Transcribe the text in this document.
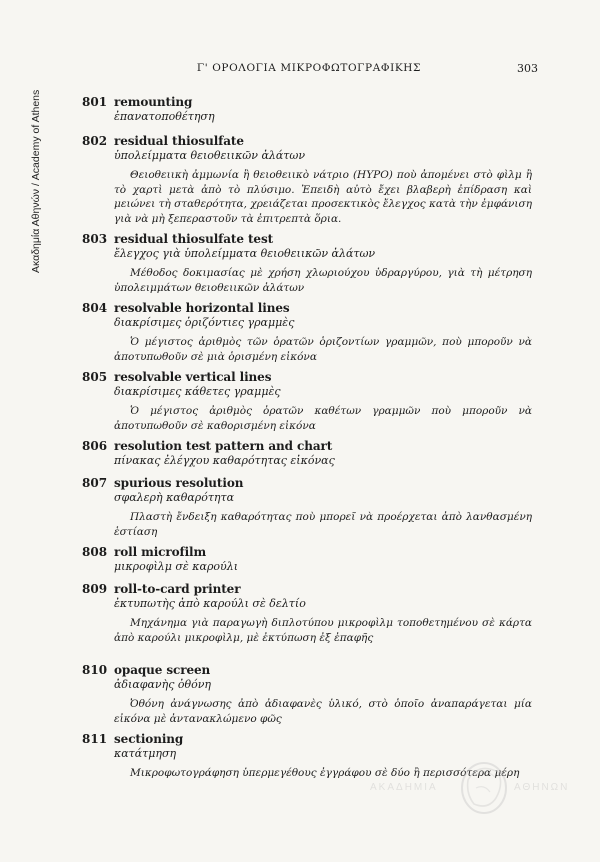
Ακαδημία Αθηνών / Academy of Athens
Γ' ΟΡΟΛΟΓΙΑ ΜΙΚΡΟΦΩΤΟΓΡΑΦΙΚΗΣ	303
801 remounting
ἐπανατοποθέτηση
802 residual thiosulfate
ὑπολείμματα θειοθειικῶν ἁλάτων
Θειοθειικὴ ἀμμωνία ἢ θειοθειικὸ νάτριο (ΗΥΡΟ) ποὺ ἀπομένει στὸ φὶλμ ἢ τὸ χαρτὶ μετὰ ἀπὸ τὸ πλύσιμο. Ἐπειδὴ αὐτὸ ἔχει βλαβερὴ ἐπίδραση καὶ μειώνει τὴ σταθερότητα, χρειάζεται προσεκτικὸς ἔλεγχος κατὰ τὴν ἐμφάνιση γιὰ νὰ μὴ ξεπεραστοῦν τὰ ἐπιτρεπτὰ ὅρια.
803 residual thiosulfate test
ἔλεγχος γιὰ ὑπολείμματα θειοθειικῶν ἁλάτων
Μέθοδος δοκιμασίας μὲ χρήση χλωριούχου ὑδραργύρου, γιὰ τὴ μέτρηση ὑπολειμμάτων θειοθειικῶν ἁλάτων
804 resolvable horizontal lines
διακρίσιμες ὁριζόντιες γραμμὲς
Ὁ μέγιστος ἀριθμὸς τῶν ὁρατῶν ὁριζοντίων γραμμῶν, ποὺ μποροῦν νὰ ἀποτυπωθοῦν σὲ μιὰ ὁρισμένη εἰκόνα
805 resolvable vertical lines
διακρίσιμες κάθετες γραμμὲς
Ὁ μέγιστος ἀριθμὸς ὁρατῶν καθέτων γραμμῶν ποὺ μποροῦν νὰ ἀποτυπωθοῦν σὲ καθορισμένη εἰκόνα
806 resolution test pattern and chart
πίνακας ἐλέγχου καθαρότητας εἰκόνας
807 spurious resolution
σφαλερὴ καθαρότητα
Πλαστὴ ἔνδειξη καθαρότητας ποὺ μπορεῖ νὰ προέρχεται ἀπὸ λανθασμένη ἑστίαση
808 roll microfilm
μικροφὶλμ σὲ καρούλι
809 roll-to-card printer
ἐκτυπωτὴς ἀπὸ καρούλι σὲ δελτίο
Μηχάνημα γιὰ παραγωγὴ διπλοτύπου μικροφὶλμ τοποθετημένου σὲ κάρτα ἀπὸ καρούλι μικροφὶλμ, μὲ ἐκτύπωση ἐξ ἐπαφῆς
810 opaque screen
ἀδιαφανὴς ὀθόνη
Ὀθόνη ἀνάγνωσης ἀπὸ ἀδιαφανὲς ὑλικό, στὸ ὁποῖο ἀναπαράγεται μία εἰκόνα μὲ ἀντανακλώμενο φῶς
811 sectioning
κατάτμηση
Μικροφωτογράφηση ὑπερμεγέθους ἐγγράφου σὲ δύο ἢ περισσότερα μέρη
ΑΚΑΔΗΜΙΑ	ΑΘΗΝΩΝ
